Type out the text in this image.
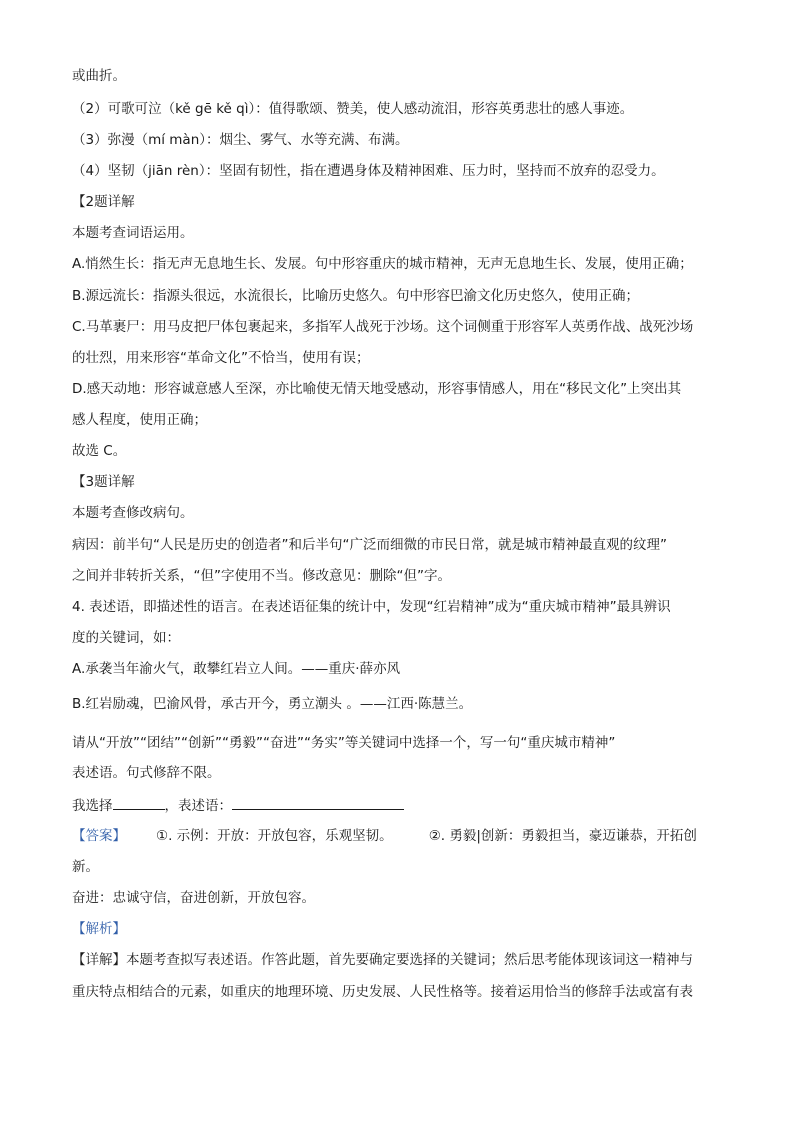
或曲折。
（2）可歌可泣（kě gē kě qì）：值得歌颂、赞美，使人感动流泪，形容英勇悲壮的感人事迹。
（3）弥漫（mí màn）：烟尘、雾气、水等充满、布满。
（4）坚韧（jiān rèn）：坚固有韧性，指在遭遇身体及精神困难、压力时，坚持而不放弃的忍受力。
【2题详解
本题考查词语运用。
A.悄然生长：指无声无息地生长、发展。句中形容重庆的城市精神，无声无息地生长、发展，使用正确；
B.源远流长：指源头很远，水流很长，比喻历史悠久。句中形容巴渝文化历史悠久，使用正确；
C.马革裹尸：用马皮把尸体包裹起来，多指军人战死于沙场。这个词侧重于形容军人英勇作战、战死沙场
的壮烈，用来形容“革命文化”不恰当，使用有误；
D.感天动地：形容诚意感人至深，亦比喻使无情天地受感动，形容事情感人，用在“移民文化”上突出其
感人程度，使用正确；
故选 C。
【3题详解
本题考查修改病句。
病因：前半句“人民是历史的创造者”和后半句“广泛而细微的市民日常，就是城市精神最直观的纹理”
之间并非转折关系，“但”字使用不当。修改意见：删除“但”字。
4. 表述语，即描述性的语言。在表述语征集的统计中，发现“红岩精神”成为“重庆城市精神”最具辨识
度的关键词，如：
A.承袭当年渝火气，敢攀红岩立人间。——重庆·薛亦风
B.红岩励魂，巴渝风骨，承古开今，勇立潮头 。——江西·陈慧兰。
请从“开放”“团结”“创新”“勇毅”“奋进”“务实”等关键词中选择一个，写一句“重庆城市精神”
表述语。句式修辞不限。
我选择	，表述语：
【答案】 ①. 示例：开放：开放包容，乐观坚韧。	②. 勇毅|创新：勇毅担当，豪迈谦恭，开拓创
新。
奋进：忠诚守信，奋进创新，开放包容。
【解析】
【详解】本题考查拟写表述语。作答此题，首先要确定要选择的关键词；然后思考能体现该词这一精神与
重庆特点相结合的元素，如重庆的地理环境、历史发展、人民性格等。接着运用恰当的修辞手法或富有表
